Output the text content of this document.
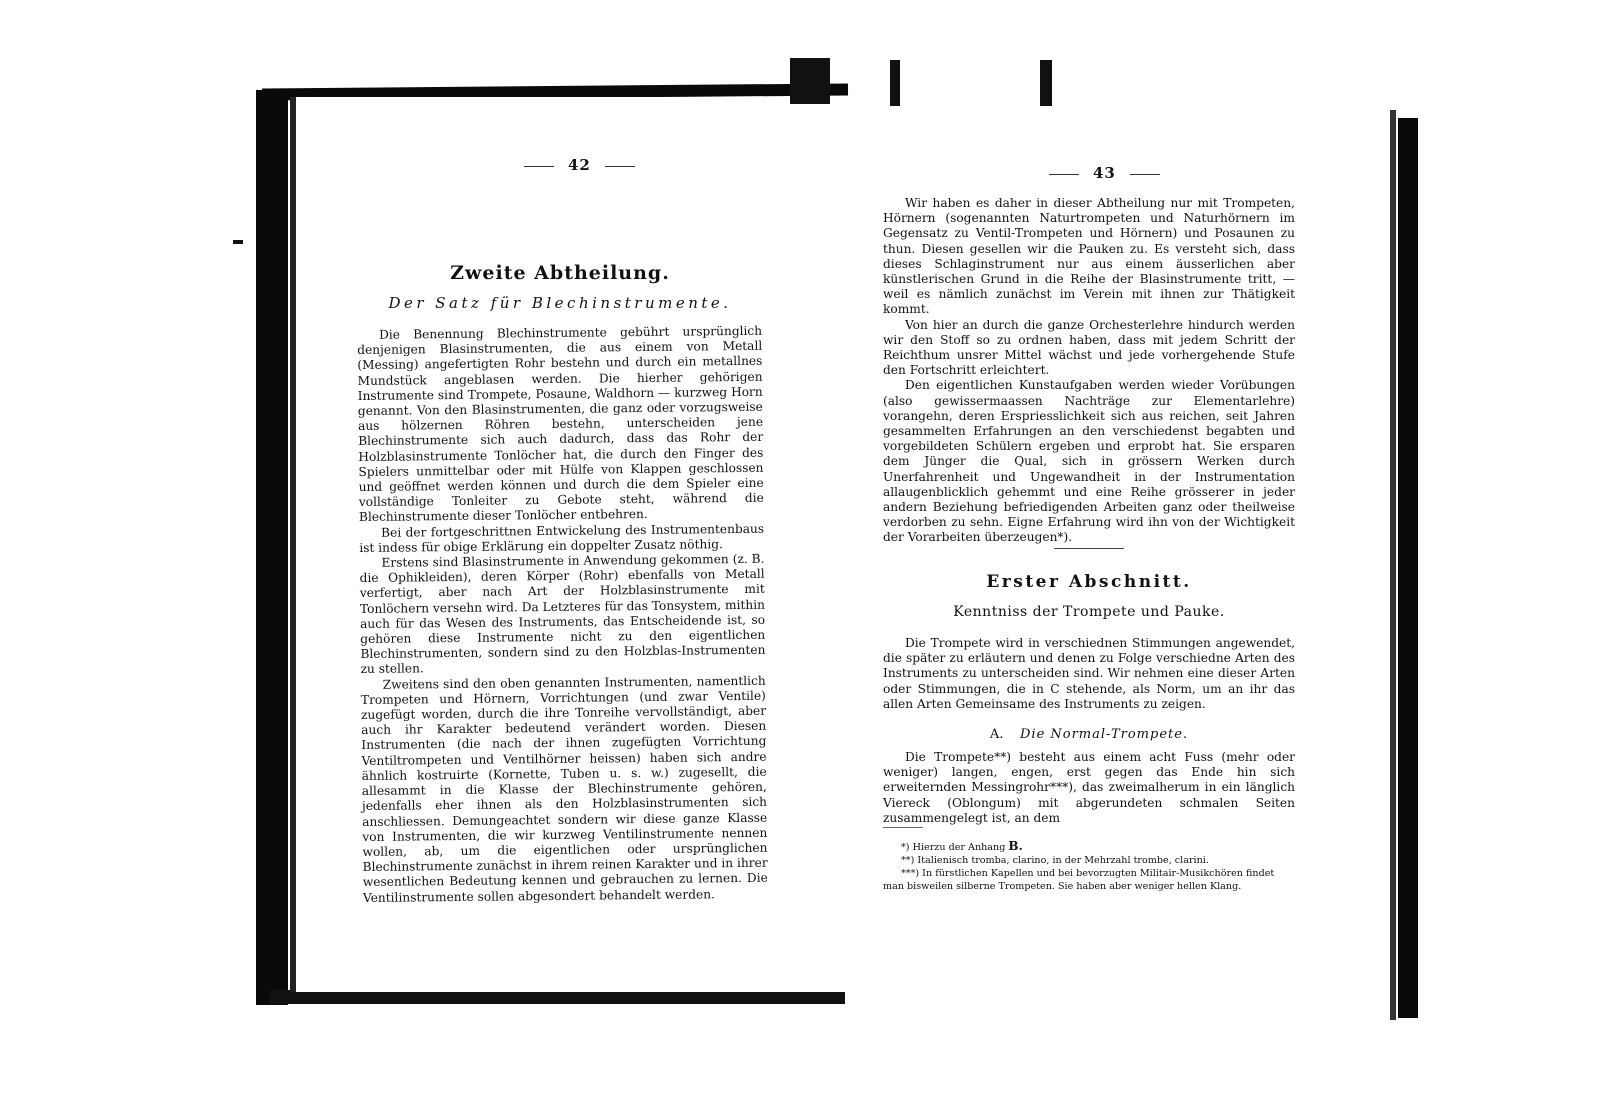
42
Zweite Abtheilung.
Der Satz für Blechinstrumente.

Die Benennung Blechinstrumente gebührt ursprünglich denjenigen Blasinstrumenten, die aus einem von Metall (Messing) angefertigten Rohr bestehn und durch ein metallnes Mundstück angeblasen werden. Die hierher gehörigen Instrumente sind Trompete, Posaune, Waldhorn — kurzweg Horn genannt. Von den Blasinstrumenten, die ganz oder vorzugsweise aus hölzernen Röhren bestehn, unterscheiden jene Blechinstrumente sich auch dadurch, dass das Rohr der Holzblasinstrumente Tonlöcher hat, die durch den Finger des Spielers unmittelbar oder mit Hülfe von Klappen geschlossen und geöffnet werden können und durch die dem Spieler eine vollständige Tonleiter zu Gebote steht, während die Blechinstrumente dieser Tonlöcher entbehren.

Bei der fortgeschrittnen Entwickelung des Instrumentenbaus ist indess für obige Erklärung ein doppelter Zusatz nöthig.

Erstens sind Blasinstrumente in Anwendung gekommen (z. B. die Ophikleiden), deren Körper (Rohr) ebenfalls von Metall verfertigt, aber nach Art der Holzblasinstrumente mit Tonlöchern versehn wird. Da Letzteres für das Tonsystem, mithin auch für das Wesen des Instruments, das Entscheidende ist, so gehören diese Instrumente nicht zu den eigentlichen Blechinstrumenten, sondern sind zu den Holzblas-Instrumenten zu stellen.

Zweitens sind den oben genannten Instrumenten, namentlich Trompeten und Hörnern, Vorrichtungen (und zwar Ventile) zugefügt worden, durch die ihre Tonreihe vervollständigt, aber auch ihr Karakter bedeutend verändert worden. Diesen Instrumenten (die nach der ihnen zugefügten Vorrichtung Ventiltrompeten und Ventilhörner heissen) haben sich andre ähnlich kostruirte (Kornette, Tuben u. s. w.) zugesellt, die allesammt in die Klasse der Blechinstrumente gehören, jedenfalls eher ihnen als den Holzblasinstrumenten sich anschliessen. Demungeachtet sondern wir diese ganze Klasse von Instrumenten, die wir kurzweg Ventilinstrumente nennen wollen, ab, um die eigentlichen oder ursprünglichen Blechinstrumente zunächst in ihrem reinen Karakter und in ihrer wesentlichen Bedeutung kennen und gebrauchen zu lernen. Die Ventilinstrumente sollen abgesondert behandelt werden.

43

Wir haben es daher in dieser Abtheilung nur mit Trompeten, Hörnern (sogenannten Naturtrompeten und Naturhörnern im Gegensatz zu Ventil-Trompeten und Hörnern) und Posaunen zu thun. Diesen gesellen wir die Pauken zu. Es versteht sich, dass dieses Schlaginstrument nur aus einem äusserlichen aber künstlerischen Grund in die Reihe der Blasinstrumente tritt, — weil es nämlich zunächst im Verein mit ihnen zur Thätigkeit kommt.

Von hier an durch die ganze Orchesterlehre hindurch werden wir den Stoff so zu ordnen haben, dass mit jedem Schritt der Reichthum unsrer Mittel wächst und jede vorhergehende Stufe den Fortschritt erleichtert.

Den eigentlichen Kunstaufgaben werden wieder Vorübungen (also gewissermaassen Nachträge zur Elementarlehre) vorangehn, deren Erspriesslichkeit sich aus reichen, seit Jahren gesammelten Erfahrungen an den verschiedenst begabten und vorgebildeten Schülern ergeben und erprobt hat. Sie ersparen dem Jünger die Qual, sich in grössern Werken durch Unerfahrenheit und Ungewandheit in der Instrumentation allaugenblicklich gehemmt und eine Reihe grösserer in jeder andern Beziehung befriedigenden Arbeiten ganz oder theilweise verdorben zu sehn. Eigne Erfahrung wird ihn von der Wichtigkeit der Vorarbeiten überzeugen*).

Erster Abschnitt.
Kenntniss der Trompete und Pauke.

Die Trompete wird in verschiednen Stimmungen angewendet, die später zu erläutern und denen zu Folge verschiedne Arten des Instruments zu unterscheiden sind. Wir nehmen eine dieser Arten oder Stimmungen, die in C stehende, als Norm, um an ihr das allen Arten Gemeinsame des Instruments zu zeigen.

A. Die Normal-Trompete.

Die Trompete**) besteht aus einem acht Fuss (mehr oder weniger) langen, engen, erst gegen das Ende hin sich erweiternden Messingrohr***), das zweimalherum in ein länglich Viereck (Oblongum) mit abgerundeten schmalen Seiten zusammengelegt ist, an dem

*) Hierzu der Anhang B.

**) Italienisch tromba, clarino, in der Mehrzahl trombe, clarini.

***) In fürstlichen Kapellen und bei bevorzugten Militair-Musikchören findet man bisweilen silberne Trompeten. Sie haben aber weniger hellen Klang.
